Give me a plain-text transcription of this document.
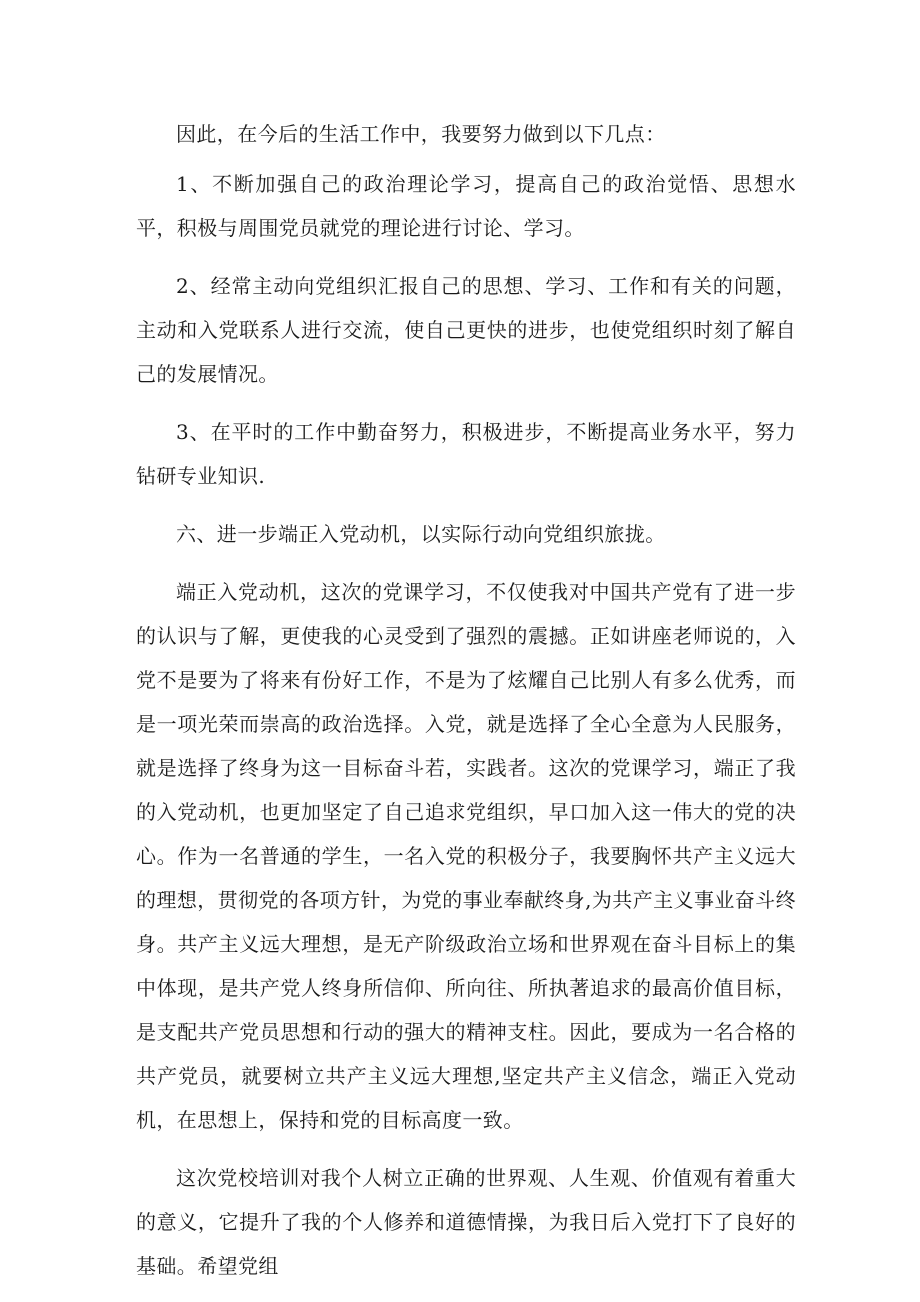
因此，在今后的生活工作中，我要努力做到以下几点：

1、不断加强自己的政治理论学习，提高自己的政治觉悟、思想水平，积极与周围党员就党的理论进行讨论、学习。

2、经常主动向党组织汇报自己的思想、学习、工作和有关的问题，主动和入党联系人进行交流，使自己更快的进步，也使党组织时刻了解自己的发展情况。

3、在平时的工作中勤奋努力，积极进步，不断提高业务水平，努力钻研专业知识.

六、进一步端正入党动机，以实际行动向党组织旅拢。

端正入党动机，这次的党课学习，不仅使我对中国共产党有了进一步的认识与了解，更使我的心灵受到了强烈的震撼。正如讲座老师说的，入党不是要为了将来有份好工作，不是为了炫耀自己比别人有多么优秀，而是一项光荣而崇高的政治选择。入党，就是选择了全心全意为人民服务，就是选择了终身为这一目标奋斗若，实践者。这次的党课学习，端正了我的入党动机，也更加坚定了自己追求党组织，早口加入这一伟大的党的决心。作为一名普通的学生，一名入党的积极分子，我要胸怀共产主义远大的理想，贯彻党的各项方针，为党的事业奉献终身,为共产主义事业奋斗终身。共产主义远大理想，是无产阶级政治立场和世界观在奋斗目标上的集中体现，是共产党人终身所信仰、所向往、所执著追求的最高价值目标，是支配共产党员思想和行动的强大的精神支柱。因此，要成为一名合格的共产党员，就要树立共产主义远大理想,坚定共产主义信念，端正入党动机，在思想上，保持和党的目标高度一致。

这次党校培训对我个人树立正确的世界观、人生观、价值观有着重大的意义，它提升了我的个人修养和道德情操，为我日后入党打下了良好的基础。希望党组
